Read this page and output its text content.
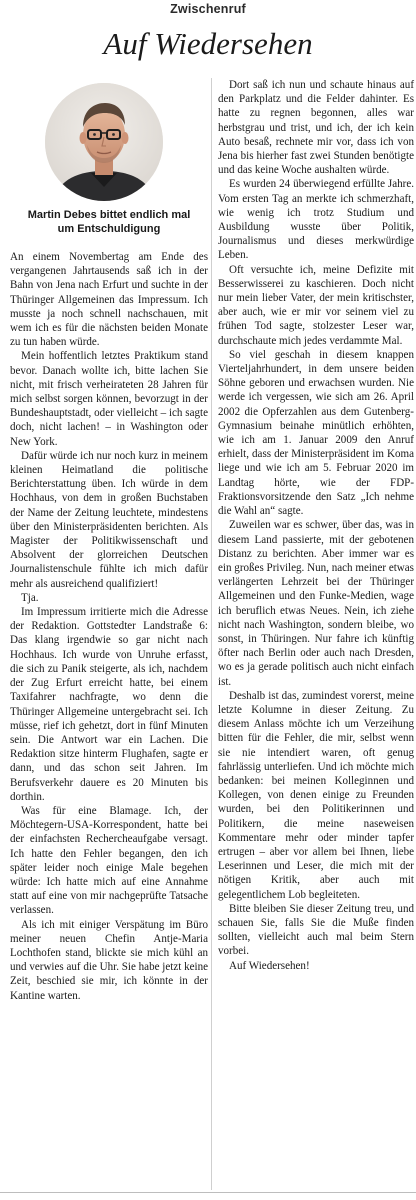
Zwischenruf
Auf Wiedersehen
Martin Debes bittet endlich mal
um Entschuldigung

An einem Novembertag am Ende des vergangenen Jahrtausends saß ich in der Bahn von Jena nach Erfurt und suchte in der Thüringer Allgemeinen das Impressum. Ich musste ja noch schnell nachschauen, mit wem ich es für die nächsten beiden Monate zu tun haben würde.

Mein hoffentlich letztes Praktikum stand bevor. Danach wollte ich, bitte lachen Sie nicht, mit frisch verheirateten 28 Jahren für mich selbst sorgen können, bevorzugt in der Bundeshauptstadt, oder vielleicht – ich sagte doch, nicht lachen! – in Washington oder New York.

Dafür würde ich nur noch kurz in meinem kleinen Heimatland die politische Berichterstattung üben. Ich würde in dem Hochhaus, von dem in großen Buchstaben der Name der Zeitung leuchtete, mindestens über den Ministerpräsidenten berichten. Als Magister der Politikwissenschaft und Absolvent der glorreichen Deutschen Journalistenschule fühlte ich mich dafür mehr als ausreichend qualifiziert!

Tja.

Im Impressum irritierte mich die Adresse der Redaktion. Gottstedter Landstraße 6: Das klang irgendwie so gar nicht nach Hochhaus. Ich wurde von Unruhe erfasst, die sich zu Panik steigerte, als ich, nachdem der Zug Erfurt erreicht hatte, bei einem Taxifahrer nachfragte, wo denn die Thüringer Allgemeine untergebracht sei. Ich müsse, rief ich gehetzt, dort in fünf Minuten sein. Die Antwort war ein Lachen. Die Redaktion sitze hinterm Flughafen, sagte er dann, und das schon seit Jahren. Im Berufsverkehr dauere es 20 Minuten bis dorthin.

Was für eine Blamage. Ich, der Möchtegern-USA-Korrespondent, hatte bei der einfachsten Rechercheaufgabe versagt. Ich hatte den Fehler begangen, den ich später leider noch einige Male begehen würde: Ich hatte mich auf eine Annahme statt auf eine von mir nachgeprüfte Tatsache verlassen.

Als ich mit einiger Verspätung im Büro meiner neuen Chefin Antje-Maria Lochthofen stand, blickte sie mich kühl an und verwies auf die Uhr. Sie habe jetzt keine Zeit, beschied sie mir, ich könnte in der Kantine warten.

Dort saß ich nun und schaute hinaus auf den Parkplatz und die Felder dahinter. Es hatte zu regnen begonnen, alles war herbstgrau und trist, und ich, der ich kein Auto besaß, rechnete mir vor, dass ich von Jena bis hierher fast zwei Stunden benötigte und das keine Woche aushalten würde.

Es wurden 24 überwiegend erfüllte Jahre. Vom ersten Tag an merkte ich schmerzhaft, wie wenig ich trotz Studium und Ausbildung wusste über Politik, Journalismus und dieses merkwürdige Leben.

Oft versuchte ich, meine Defizite mit Besserwisserei zu kaschieren. Doch nicht nur mein lieber Vater, der mein kritischster, aber auch, wie er mir vor seinem viel zu frühen Tod sagte, stolzester Leser war, durchschaute mich jedes verdammte Mal.

So viel geschah in diesem knappen Vierteljahrhundert, in dem unsere beiden Söhne geboren und erwachsen wurden. Nie werde ich vergessen, wie sich am 26. April 2002 die Opferzahlen aus dem Gutenberg-Gymnasium beinahe minütlich erhöhten, wie ich am 1. Januar 2009 den Anruf erhielt, dass der Ministerpräsident im Koma liege und wie ich am 5. Februar 2020 im Landtag hörte, wie der FDP-Fraktionsvorsitzende den Satz „Ich nehme die Wahl an“ sagte.

Zuweilen war es schwer, über das, was in diesem Land passierte, mit der gebotenen Distanz zu berichten. Aber immer war es ein großes Privileg. Nun, nach meiner etwas verlängerten Lehrzeit bei der Thüringer Allgemeinen und den Funke-Medien, wage ich beruflich etwas Neues. Nein, ich ziehe nicht nach Washington, sondern bleibe, wo sonst, in Thüringen. Nur fahre ich künftig öfter nach Berlin oder auch nach Dresden, wo es ja gerade politisch auch nicht einfach ist.

Deshalb ist das, zumindest vorerst, meine letzte Kolumne in dieser Zeitung. Zu diesem Anlass möchte ich um Verzeihung bitten für die Fehler, die mir, selbst wenn sie nie intendiert waren, oft genug fahrlässig unterliefen. Und ich möchte mich bedanken: bei meinen Kolleginnen und Kollegen, von denen einige zu Freunden wurden, bei den Politikerinnen und Politikern, die meine naseweisen Kommentare mehr oder minder tapfer ertrugen – aber vor allem bei Ihnen, liebe Leserinnen und Leser, die mich mit der nötigen Kritik, aber auch mit gelegentlichem Lob begleiteten.

Bitte bleiben Sie dieser Zeitung treu, und schauen Sie, falls Sie die Muße finden sollten, vielleicht auch mal beim Stern vorbei.

Auf Wiedersehen!
